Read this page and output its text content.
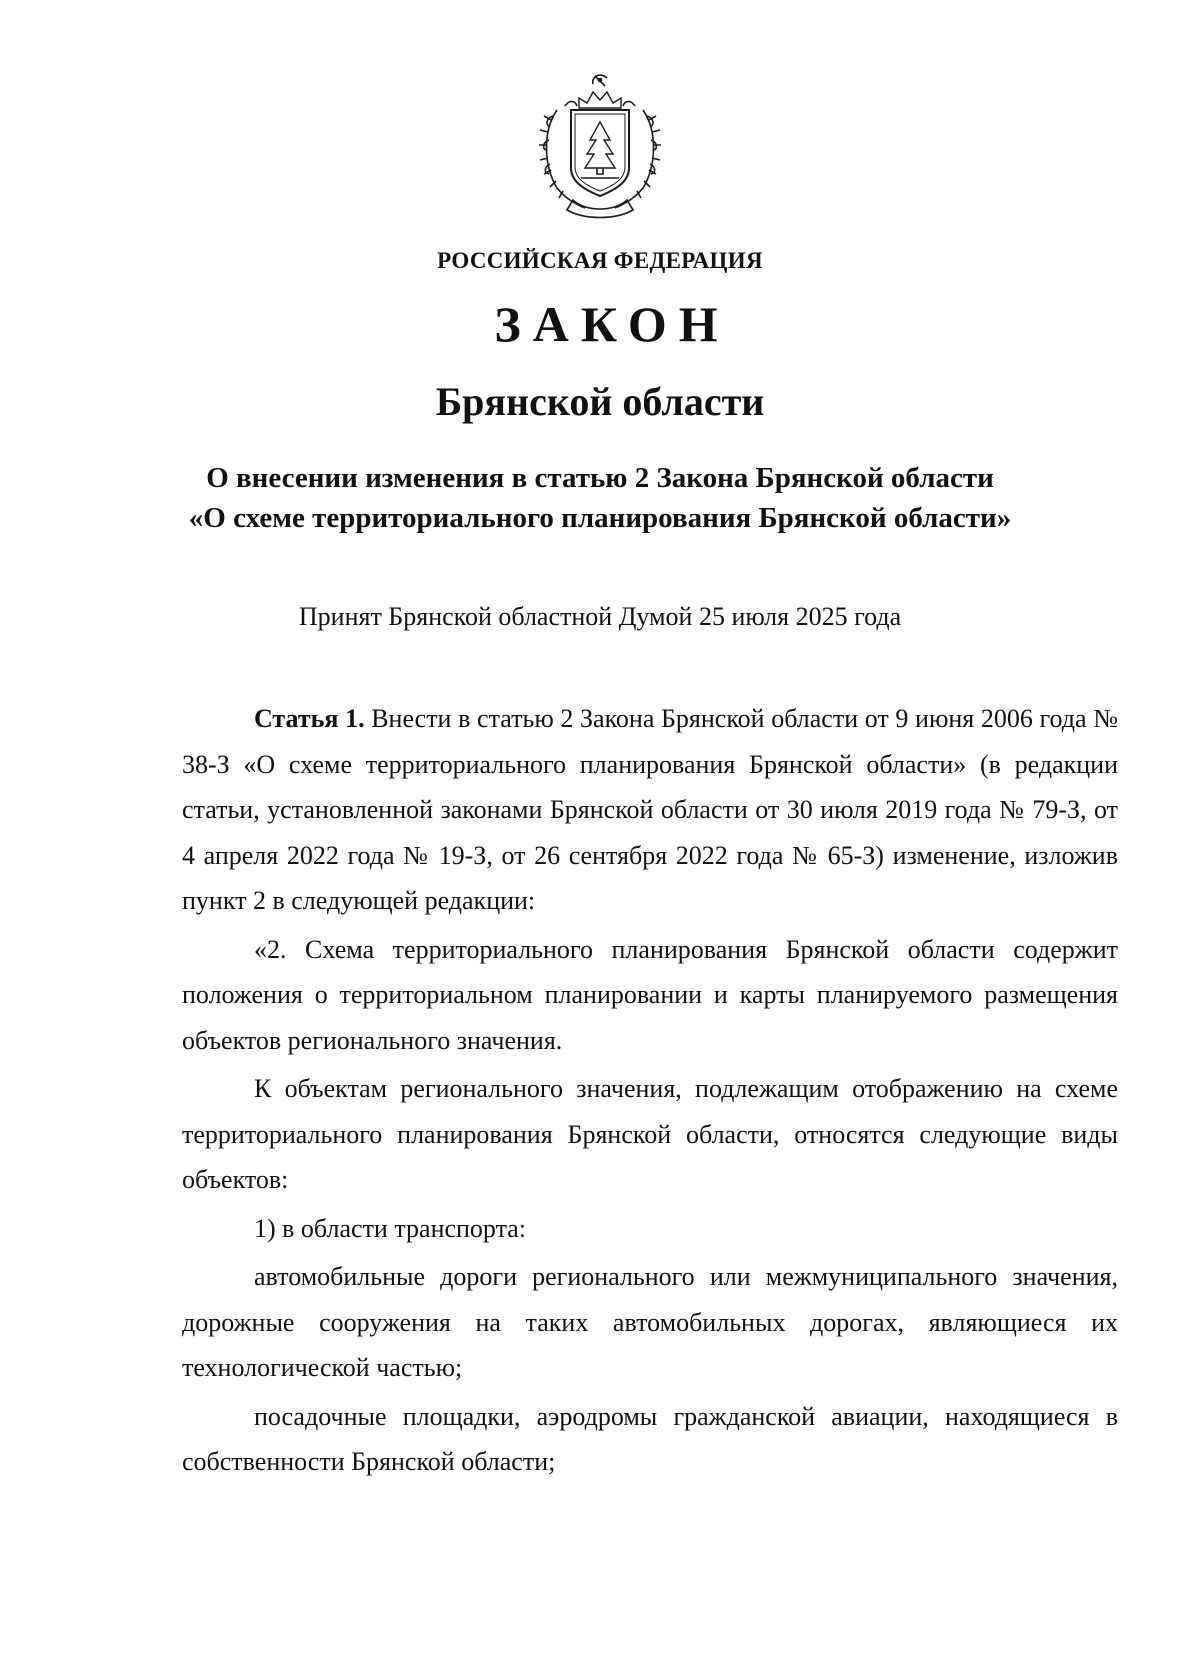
РОССИЙСКАЯ ФЕДЕРАЦИЯ

ЗАКОН

Брянской области

О внесении изменения в статью 2 Закона Брянской области
«О схеме территориального планирования Брянской области»

Принят Брянской областной Думой 25 июля 2025 года

Статья 1. Внести в статью 2 Закона Брянской области от 9 июня 2006 года № 38-З «О схеме территориального планирования Брянской области» (в редакции статьи, установленной законами Брянской области от 30 июля 2019 года № 79-З, от 4 апреля 2022 года № 19-З, от 26 сентября 2022 года № 65-З) изменение, изложив пункт 2 в следующей редакции:

«2. Схема территориального планирования Брянской области содержит положения о территориальном планировании и карты планируемого размещения объектов регионального значения.

К объектам регионального значения, подлежащим отображению на схеме территориального планирования Брянской области, относятся следующие виды объектов:

1) в области транспорта:

автомобильные дороги регионального или межмуниципального значения, дорожные сооружения на таких автомобильных дорогах, являющиеся их технологической частью;

посадочные площадки, аэродромы гражданской авиации, находящиеся в собственности Брянской области;
